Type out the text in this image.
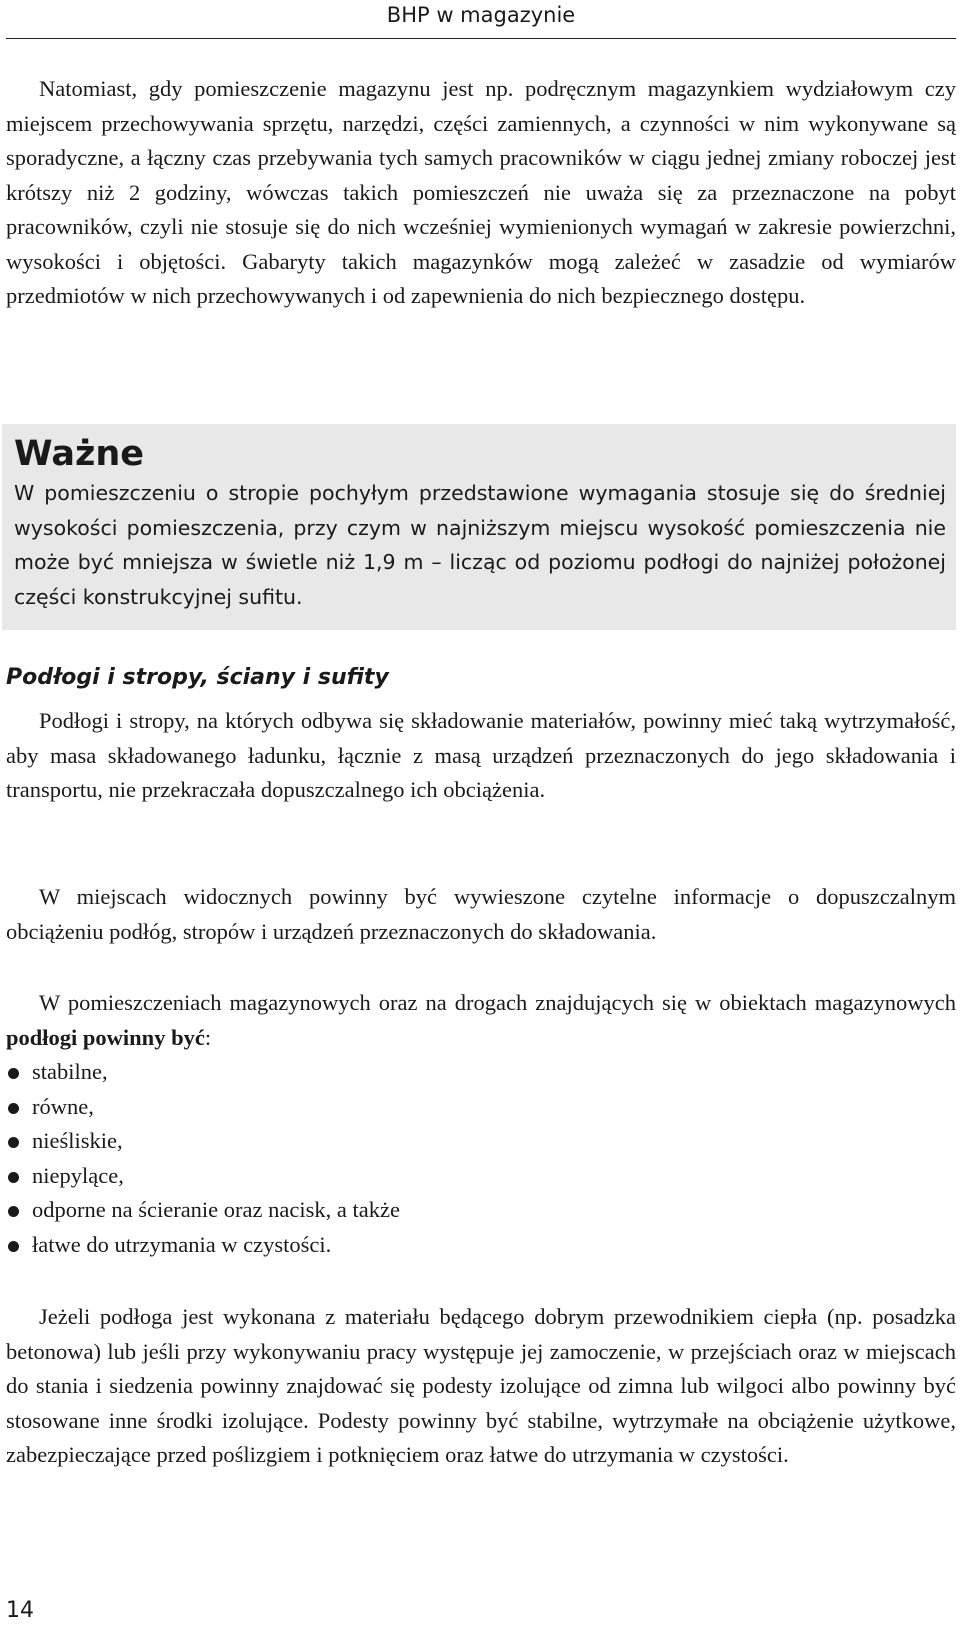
BHP w magazynie

Natomiast, gdy pomieszczenie magazynu jest np. podręcznym magazynkiem wydziałowym czy miejscem przechowywania sprzętu, narzędzi, części zamiennych, a czynności w nim wykonywane są sporadyczne, a łączny czas przebywania tych samych pracowników w ciągu jednej zmiany roboczej jest krótszy niż 2 godziny, wówczas takich pomieszczeń nie uważa się za przeznaczone na pobyt pracowników, czyli nie stosuje się do nich wcześniej wymienionych wymagań w zakresie powierzchni, wysokości i objętości. Gabaryty takich magazynków mogą zależeć w zasadzie od wymiarów przedmiotów w nich przechowywanych i od zapewnienia do nich bezpiecznego dostępu.

Ważne

W pomieszczeniu o stropie pochyłym przedstawione wymagania stosuje się do średniej wysokości pomieszczenia, przy czym w najniższym miejscu wysokość pomieszczenia nie może być mniejsza w świetle niż 1,9 m – licząc od poziomu podłogi do najniżej położonej części konstrukcyjnej sufitu.

Podłogi i stropy, ściany i sufity

Podłogi i stropy, na których odbywa się składowanie materiałów, powinny mieć taką wytrzymałość, aby masa składowanego ładunku, łącznie z masą urządzeń przeznaczonych do jego składowania i transportu, nie przekraczała dopuszczalnego ich obciążenia.

W miejscach widocznych powinny być wywieszone czytelne informacje o dopuszczalnym obciążeniu podłóg, stropów i urządzeń przeznaczonych do składowania.

W pomieszczeniach magazynowych oraz na drogach znajdujących się w obiektach magazynowych podłogi powinny być:

stabilne,
równe,
nieśliskie,
niepylące,
odporne na ścieranie oraz nacisk, a także
łatwe do utrzymania w czystości.

Jeżeli podłoga jest wykonana z materiału będącego dobrym przewodnikiem ciepła (np. posadzka betonowa) lub jeśli przy wykonywaniu pracy występuje jej zamoczenie, w przejściach oraz w miejscach do stania i siedzenia powinny znajdować się podesty izolujące od zimna lub wilgoci albo powinny być stosowane inne środki izolujące. Podesty powinny być stabilne, wytrzymałe na obciążenie użytkowe, zabezpieczające przed poślizgiem i potknięciem oraz łatwe do utrzymania w czystości.

14
